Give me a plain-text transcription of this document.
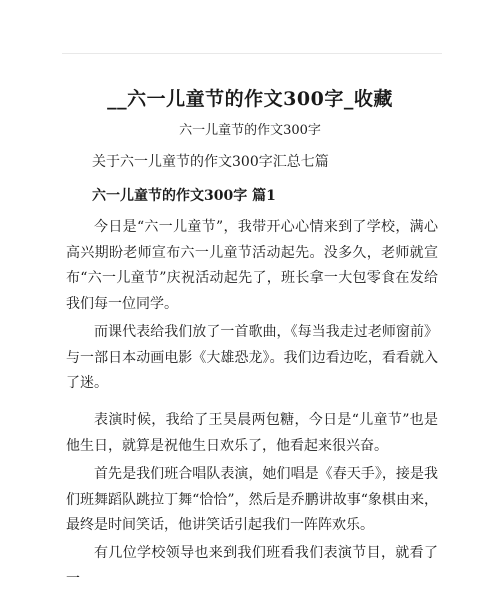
__六一儿童节的作文300字_收藏
六一儿童节的作文300字
关于六一儿童节的作文300字汇总七篇
六一儿童节的作文300字 篇1

今日是“六一儿童节”，我带开心心情来到了学校，满心高兴期盼老师宣布六一儿童节活动起先。没多久，老师就宣布“六一儿童节”庆祝活动起先了，班长拿一大包零食在发给我们每一位同学。

而课代表给我们放了一首歌曲，《每当我走过老师窗前》与一部日本动画电影《大雄恐龙》。我们边看边吃，看看就入了迷。

表演时候，我给了王昊晨两包糖，今日是“儿童节”也是他生日，就算是祝他生日欢乐了，他看起来很兴奋。

首先是我们班合唱队表演，她们唱是《春天手》，接是我们班舞蹈队跳拉丁舞“恰恰”，然后是乔鹏讲故事“象棋由来，最终是时间笑话，他讲笑话引起我们一阵阵欢乐。

有几位学校领导也来到我们班看我们表演节目，就看了一
